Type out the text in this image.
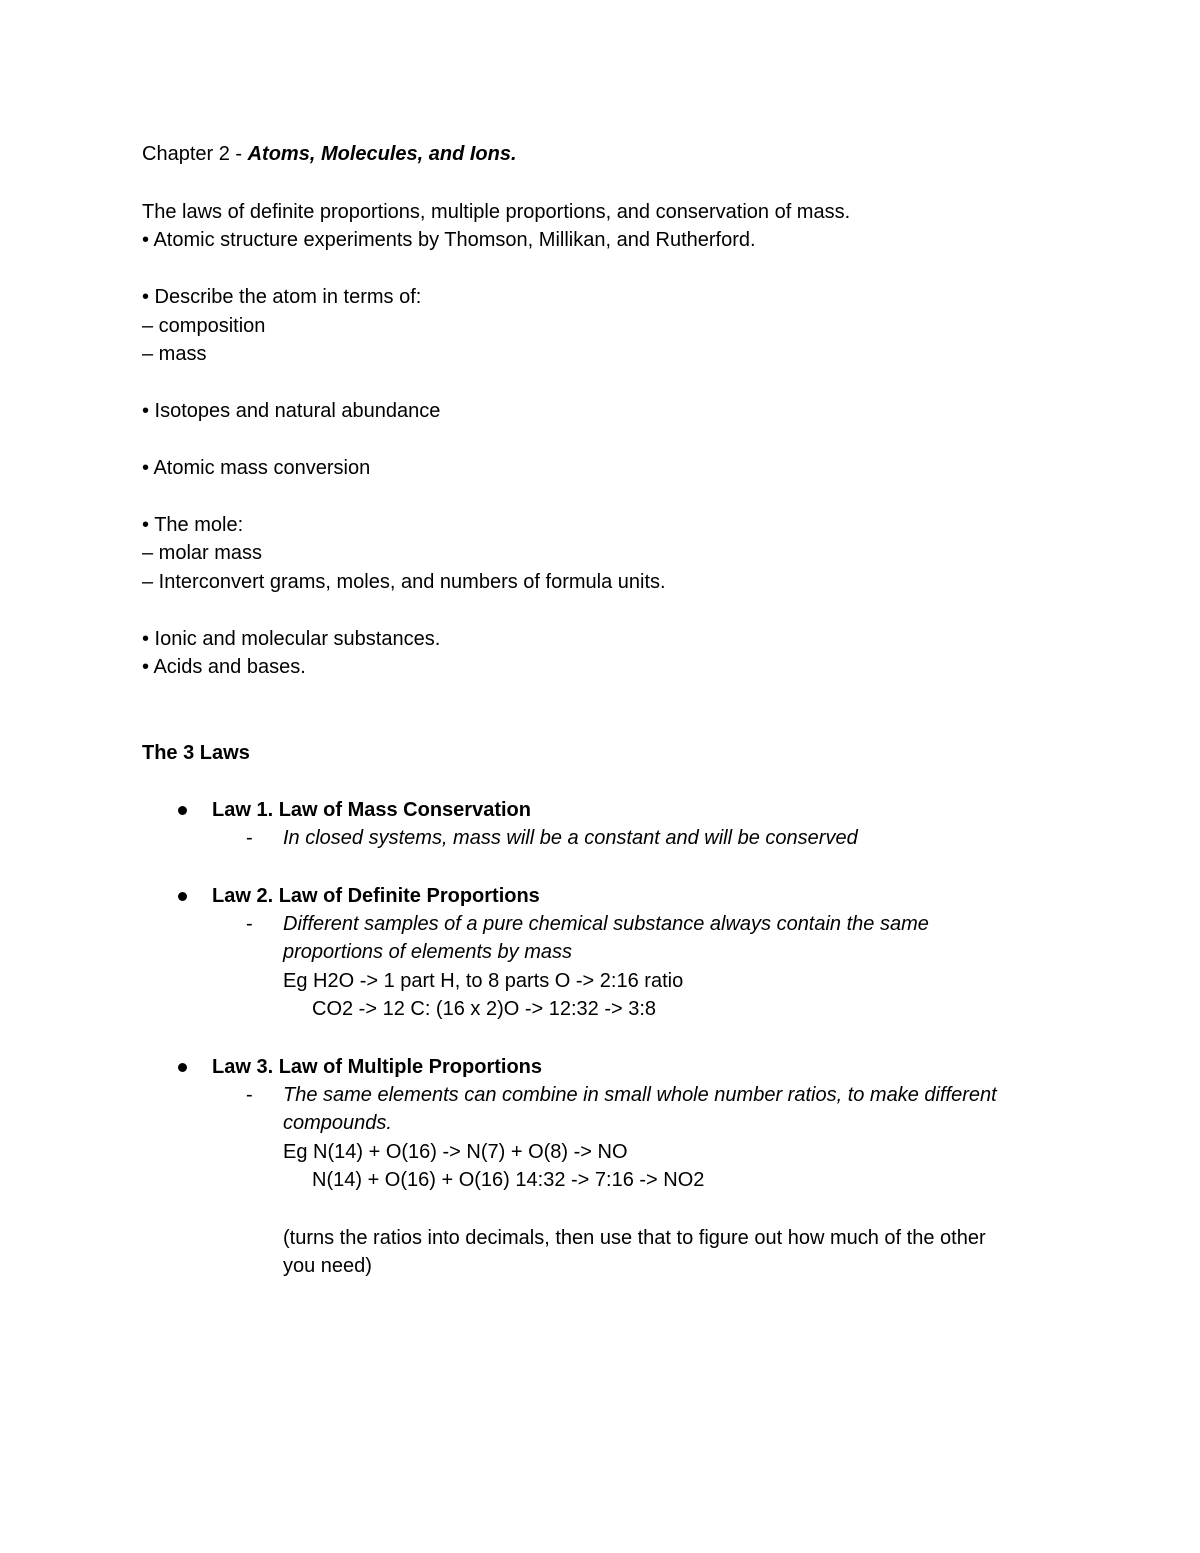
Chapter 2 - Atoms, Molecules, and Ions.
The laws of definite proportions, multiple proportions, and conservation of mass.
• Atomic structure experiments by Thomson, Millikan, and Rutherford.
• Describe the atom in terms of:
– composition
– mass
• Isotopes and natural abundance
• Atomic mass conversion
• The mole:
– molar mass
– Interconvert grams, moles, and numbers of formula units.
• Ionic and molecular substances.
• Acids and bases.
The 3 Laws
Law 1. Law of Mass Conservation
- In closed systems, mass will be a constant and will be conserved
Law 2. Law of Definite Proportions
- Different samples of a pure chemical substance always contain the same
proportions of elements by mass
Eg H2O -> 1 part H, to 8 parts O -> 2:16 ratio
CO2 -> 12 C: (16 x 2)O -> 12:32 -> 3:8
Law 3. Law of Multiple Proportions
- The same elements can combine in small whole number ratios, to make different
compounds.
Eg N(14) + O(16) -> N(7) + O(8) -> NO
N(14) + O(16) + O(16) 14:32 -> 7:16 -> NO2
(turns the ratios into decimals, then use that to figure out how much of the other
you need)
